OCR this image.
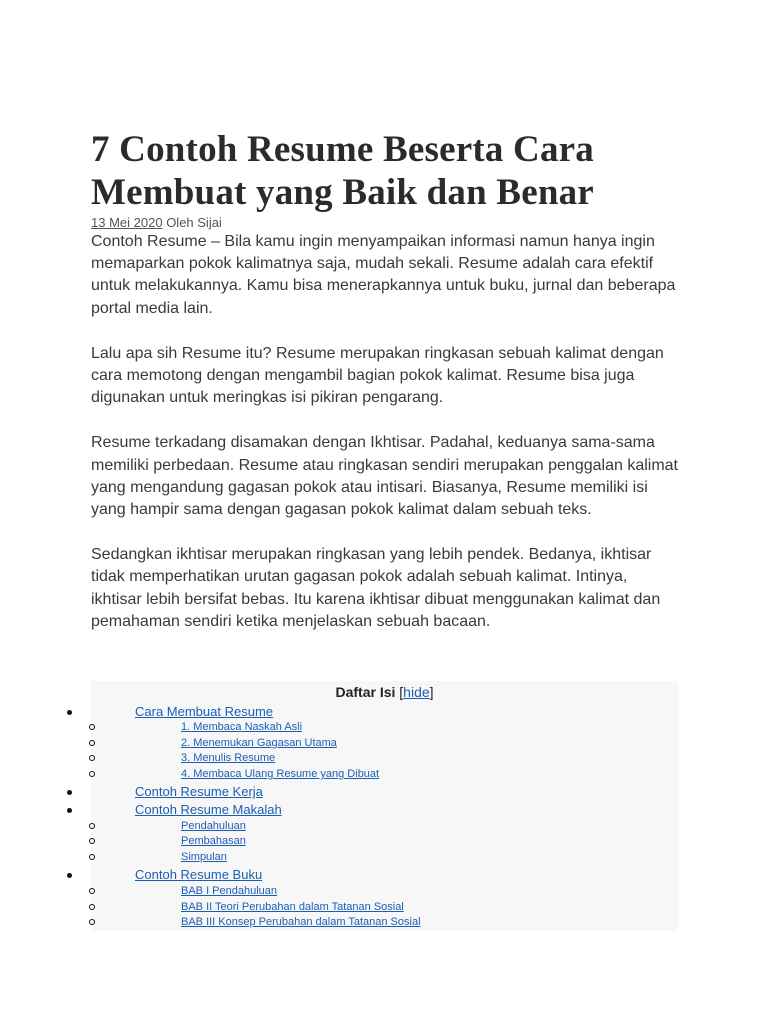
7 Contoh Resume Beserta Cara Membuat yang Baik dan Benar
13 Mei 2020 Oleh Sijai

Contoh Resume – Bila kamu ingin menyampaikan informasi namun hanya ingin memaparkan pokok kalimatnya saja, mudah sekali. Resume adalah cara efektif untuk melakukannya. Kamu bisa menerapkannya untuk buku, jurnal dan beberapa portal media lain.

Lalu apa sih Resume itu? Resume merupakan ringkasan sebuah kalimat dengan cara memotong dengan mengambil bagian pokok kalimat. Resume bisa juga digunakan untuk meringkas isi pikiran pengarang.

Resume terkadang disamakan dengan Ikhtisar. Padahal, keduanya sama-sama memiliki perbedaan. Resume atau ringkasan sendiri merupakan penggalan kalimat yang mengandung gagasan pokok atau intisari. Biasanya, Resume memiliki isi yang hampir sama dengan gagasan pokok kalimat dalam sebuah teks.

Sedangkan ikhtisar merupakan ringkasan yang lebih pendek. Bedanya, ikhtisar tidak memperhatikan urutan gagasan pokok adalah sebuah kalimat. Intinya, ikhtisar lebih bersifat bebas. Itu karena ikhtisar dibuat menggunakan kalimat dan pemahaman sendiri ketika menjelaskan sebuah bacaan.

Daftar Isi [hide]
Cara Membuat Resume
1. Membaca Naskah Asli
2. Menemukan Gagasan Utama
3. Menulis Resume
4. Membaca Ulang Resume yang Dibuat
Contoh Resume Kerja
Contoh Resume Makalah
Pendahuluan
Pembahasan
Simpulan
Contoh Resume Buku
BAB I Pendahuluan
BAB II Teori Perubahan dalam Tatanan Sosial
BAB III Konsep Perubahan dalam Tatanan Sosial
